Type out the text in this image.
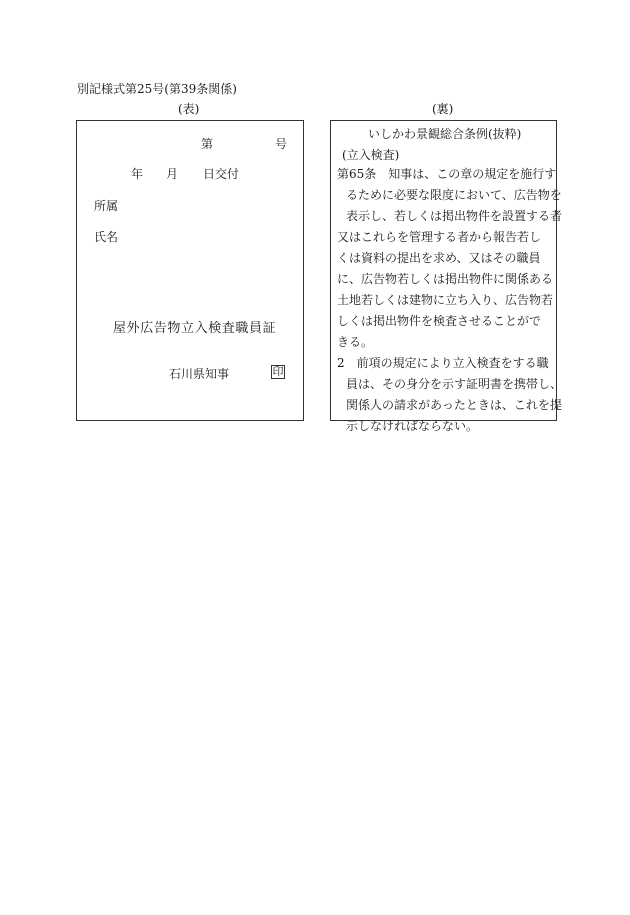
別記様式第25号(第39条関係)
(表)	(裏)
第	号
年 月 日交付
所属
氏名
屋外広告物立入検査職員証
石川県知事	印
いしかわ景観総合条例(抜粋)
(立入検査)
第65条　知事は、この章の規定を施行す
るために必要な限度において、広告物を
表示し、若しくは掲出物件を設置する者
又はこれらを管理する者から報告若し
くは資料の提出を求め、又はその職員
に、広告物若しくは掲出物件に関係ある
土地若しくは建物に立ち入り、広告物若
しくは掲出物件を検査させることがで
きる。
2　前項の規定により立入検査をする職
員は、その身分を示す証明書を携帯し、
関係人の請求があったときは、これを提
示しなければならない。
